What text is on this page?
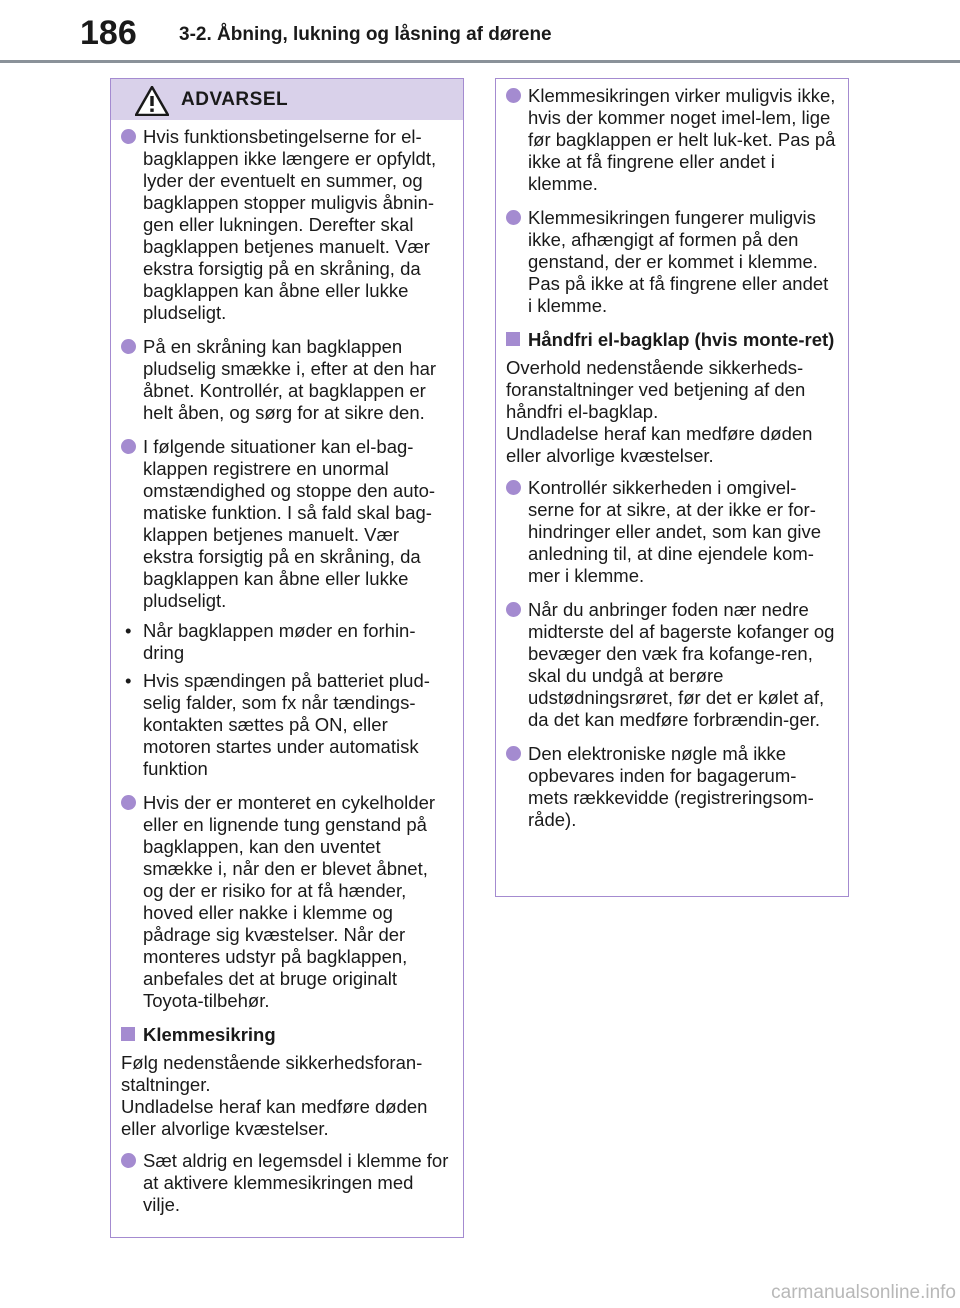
186 3-2. Åbning, lukning og låsning af dørene
ADVARSEL
Hvis funktionsbetingelserne for el-bagklappen ikke længere er opfyldt, lyder der eventuelt en summer, og bagklappen stopper muligvis åbnin-gen eller lukningen. Derefter skal bagklappen betjenes manuelt. Vær ekstra forsigtig på en skråning, da bagklappen kan åbne eller lukke pludseligt.
På en skråning kan bagklappen pludselig smække i, efter at den har åbnet. Kontrollér, at bagklappen er helt åben, og sørg for at sikre den.
I følgende situationer kan el-bag-klappen registrere en unormal omstændighed og stoppe den auto-matiske funktion. I så fald skal bag-klappen betjenes manuelt. Vær ekstra forsigtig på en skråning, da bagklappen kan åbne eller lukke pludseligt.
• Når bagklappen møder en forhin-dring
• Hvis spændingen på batteriet plud-selig falder, som fx når tændings-kontakten sættes på ON, eller motoren startes under automatisk funktion
Hvis der er monteret en cykelholder eller en lignende tung genstand på bagklappen, kan den uventet smække i, når den er blevet åbnet, og der er risiko for at få hænder, hoved eller nakke i klemme og pådrage sig kvæstelser. Når der monteres udstyr på bagklappen, anbefales det at bruge originalt Toyota-tilbehør.
Klemmesikring
Følg nedenstående sikkerhedsforan-staltninger.
Undladelse heraf kan medføre døden eller alvorlige kvæstelser.
Sæt aldrig en legemsdel i klemme for at aktivere klemmesikringen med vilje.
Klemmesikringen virker muligvis ikke, hvis der kommer noget imel-lem, lige før bagklappen er helt luk-ket. Pas på ikke at få fingrene eller andet i klemme.
Klemmesikringen fungerer muligvis ikke, afhængigt af formen på den genstand, der er kommet i klemme. Pas på ikke at få fingrene eller andet i klemme.
Håndfri el-bagklap (hvis monte-ret)
Overhold nedenstående sikkerheds-foranstaltninger ved betjening af den håndfri el-bagklap.
Undladelse heraf kan medføre døden eller alvorlige kvæstelser.
Kontrollér sikkerheden i omgivel-serne for at sikre, at der ikke er for-hindringer eller andet, som kan give anledning til, at dine ejendele kom-mer i klemme.
Når du anbringer foden nær nedre midterste del af bagerste kofanger og bevæger den væk fra kofange-ren, skal du undgå at berøre udstødningsrøret, før det er kølet af, da det kan medføre forbrændin-ger.
Den elektroniske nøgle må ikke opbevares inden for bagagerum-mets rækkevidde (registreringsom-råde).
carmanualsonline.info
